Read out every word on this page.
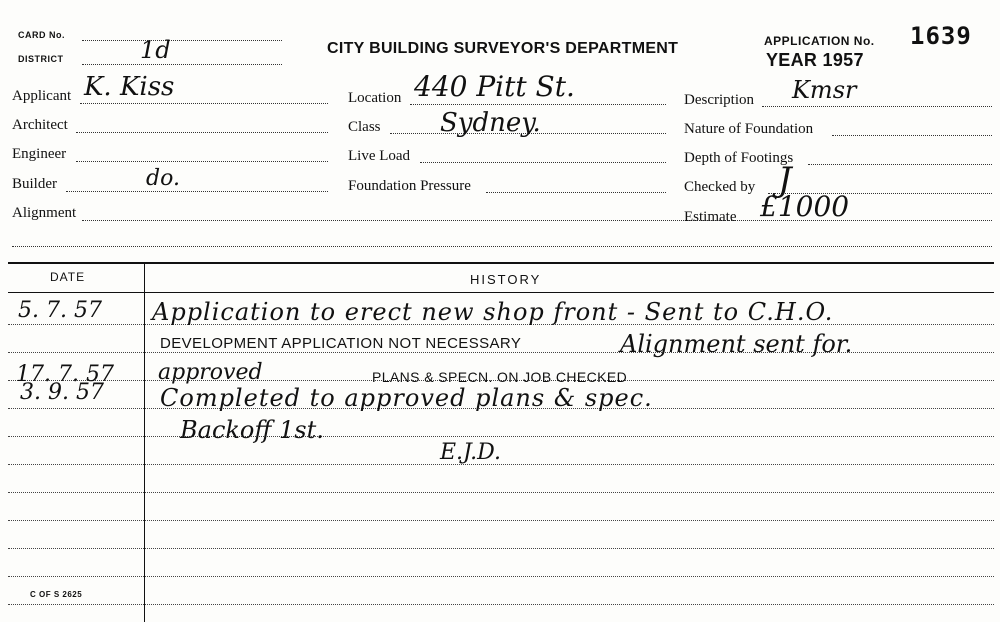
CARD No.
DISTRICT	1d	CITY BUILDING SURVEYOR'S DEPARTMENT	APPLICATION No. 1639
YEAR 1957
Applicant K. Kiss
Architect
Engineer
Builder	do.
Alignment
Location 440 Pitt St.
Class Sydney.
Live Load
Foundation Pressure
Description Kmsr
Nature of Foundation
Depth of Footings
Checked by J
Estimate £1000
DATE	HISTORY
5. 7. 57 Application to erect new shop front - Sent to C.H.O.
DEVELOPMENT APPLICATION NOT NECESSARY	Alignment sent for.
17. 7. 57 approved	PLANS & SPECN. ON JOB CHECKED
3. 9. 57 Completed to approved plans & spec.
Backoff 1st.
E.J.D.
C OF S 2625
